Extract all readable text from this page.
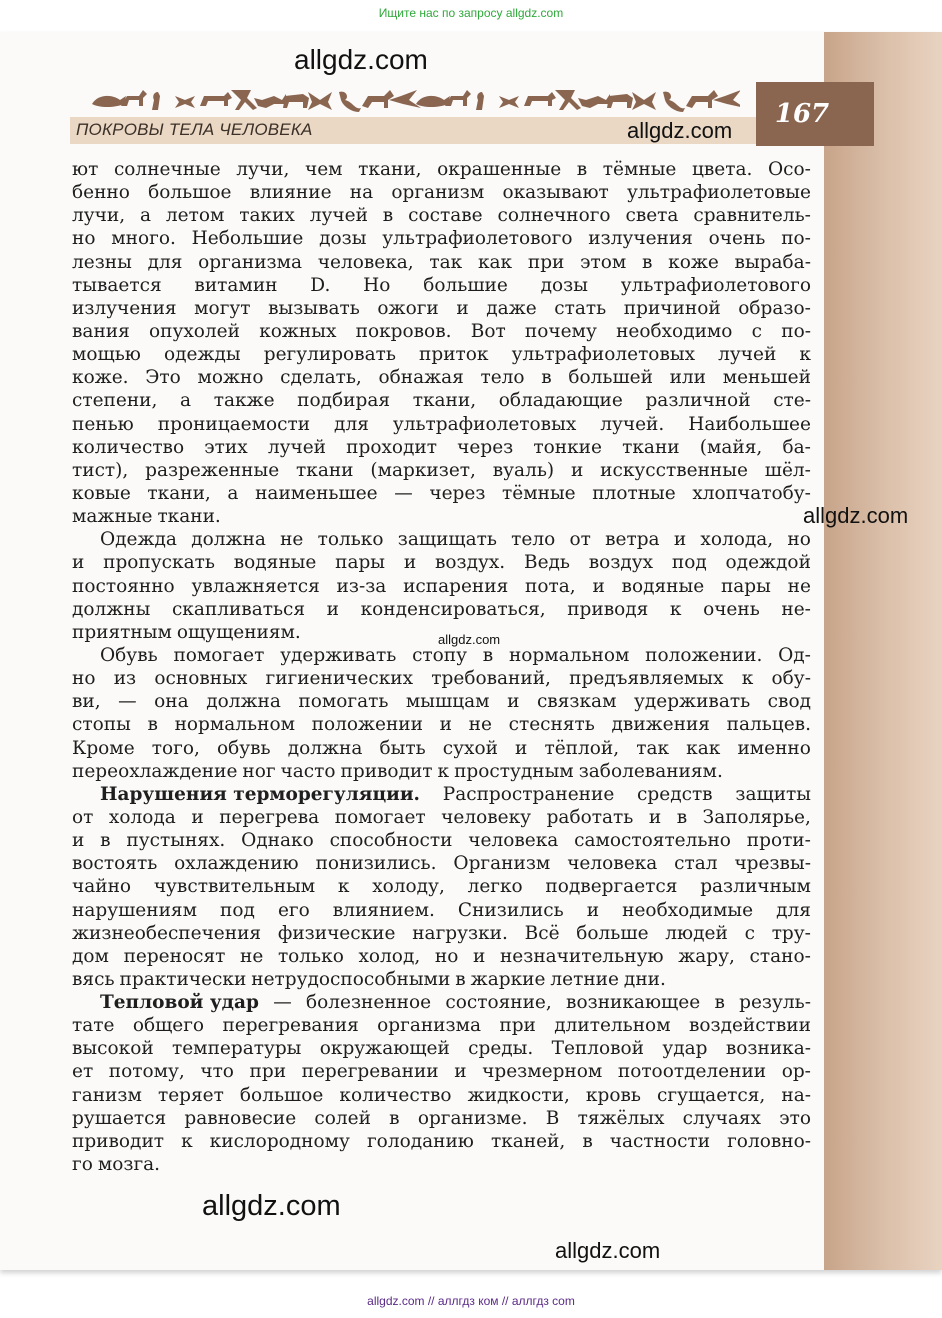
Ищите нас по запросу allgdz.com
167
ПОКРОВЫ ТЕЛА ЧЕЛОВЕКА
allgdz.com
allgdz.com
allgdz.com
allgdz.com
allgdz.com
allgdz.com
ют солнечные лучи, чем ткани, окрашенные в тёмные цвета. Осо-
бенно большое влияние на организм оказывают ультрафиолетовые
лучи, а летом таких лучей в составе солнечного света сравнитель-
но много. Небольшие дозы ультрафиолетового излучения очень по-
лезны для организма человека, так как при этом в коже выраба-
тывается витамин D. Но большие дозы ультрафиолетового
излучения могут вызывать ожоги и даже стать причиной образо-
вания опухолей кожных покровов. Вот почему необходимо с по-
мощью одежды регулировать приток ультрафиолетовых лучей к
коже. Это можно сделать, обнажая тело в большей или меньшей
степени, а также подбирая ткани, обладающие различной сте-
пенью проницаемости для ультрафиолетовых лучей. Наибольшее
количество этих лучей проходит через тонкие ткани (майя, ба-
тист), разреженные ткани (маркизет, вуаль) и искусственные шёл-
ковые ткани, а наименьшее — через тёмные плотные хлопчатобу-
мажные ткани.
Одежда должна не только защищать тело от ветра и холода, но
и пропускать водяные пары и воздух. Ведь воздух под одеждой
постоянно увлажняется из-за испарения пота, и водяные пары не
должны скапливаться и конденсироваться, приводя к очень не-
приятным ощущениям.
Обувь помогает удерживать стопу в нормальном положении. Од-
но из основных гигиенических требований, предъявляемых к обу-
ви, — она должна помогать мышцам и связкам удерживать свод
стопы в нормальном положении и не стеснять движения пальцев.
Кроме того, обувь должна быть сухой и тёплой, так как именно
переохлаждение ног часто приводит к простудным заболеваниям.
Нарушения терморегуляции. Распространение средств защиты
от холода и перегрева помогает человеку работать и в Заполярье,
и в пустынях. Однако способности человека самостоятельно проти-
востоять охлаждению понизились. Организм человека стал чрезвы-
чайно чувствительным к холоду, легко подвергается различным
нарушениям под его влиянием. Снизились и необходимые для
жизнеобеспечения физические нагрузки. Всё больше людей с тру-
дом переносят не только холод, но и незначительную жару, стано-
вясь практически нетрудоспособными в жаркие летние дни.
Тепловой удар — болезненное состояние, возникающее в резуль-
тате общего перегревания организма при длительном воздействии
высокой температуры окружающей среды. Тепловой удар возника-
ет потому, что при перегревании и чрезмерном потоотделении ор-
ганизм теряет большое количество жидкости, кровь сгущается, на-
рушается равновесие солей в организме. В тяжёлых случаях это
приводит к кислородному голоданию тканей, в частности головно-
го мозга.
allgdz.com // аллгдз ком // аллгдз com
